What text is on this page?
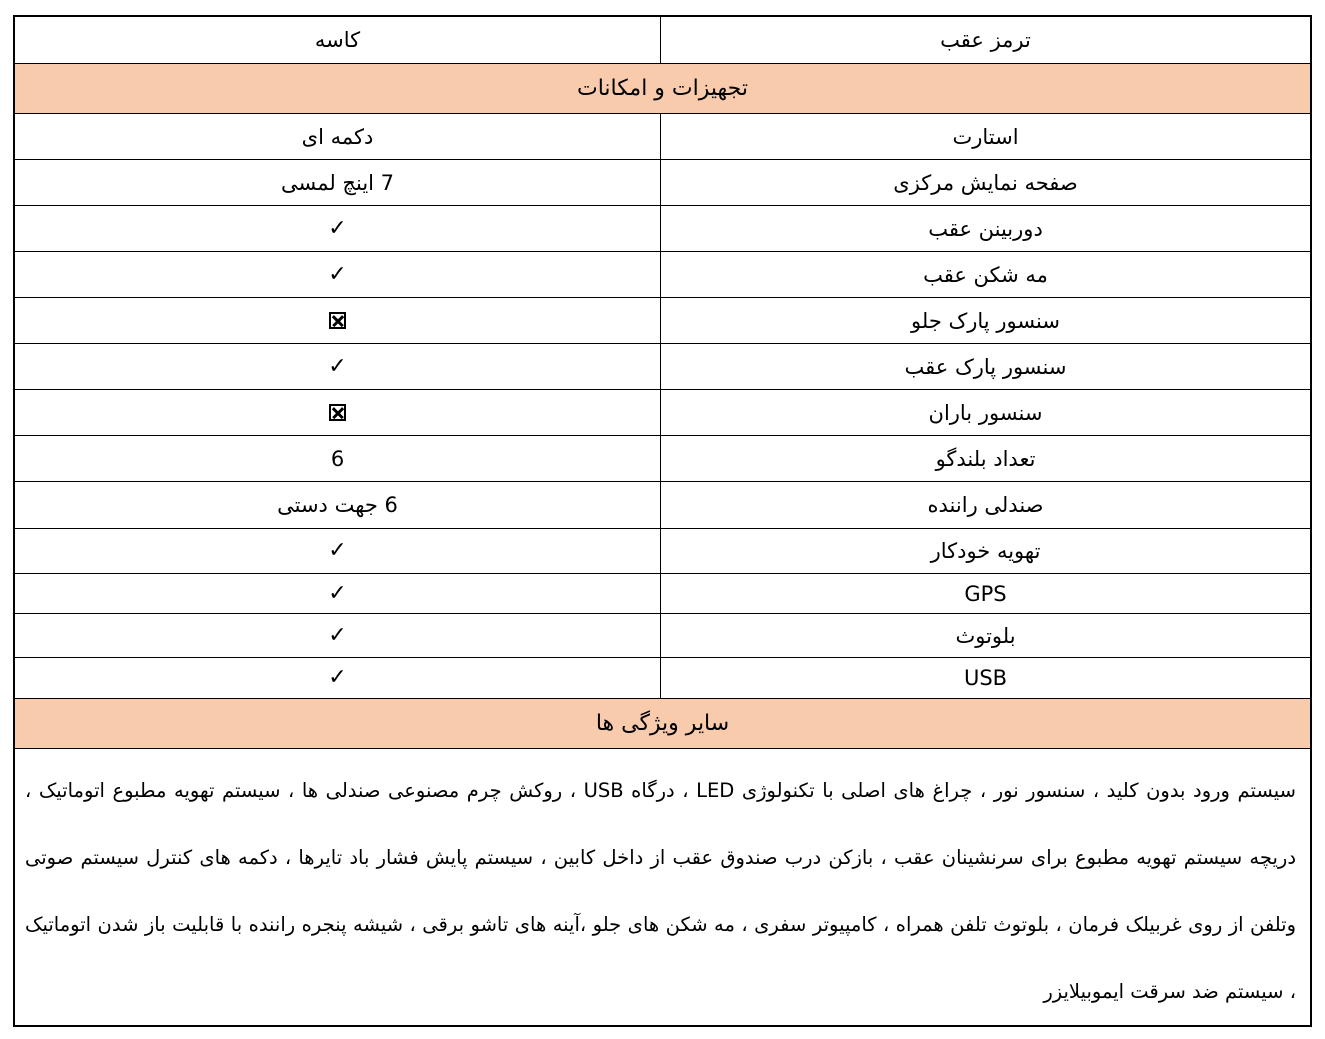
ترمز عقب
کاسه
تجهیزات و امکانات
استارت
دکمه ای
صفحه نمایش مرکزی
7 اینچ لمسی
دوربینن عقب
✓
مه شکن عقب
✓
سنسور پارک جلو
سنسور پارک عقب
✓
سنسور باران
تعداد بلندگو
6
صندلی راننده
6 جهت دستی
تهویه خودکار
✓
GPS
✓
بلوتوث
✓
USB
✓
سایر ویژگی ها
سیستم ورود بدون کلید ، سنسور نور ، چراغ های اصلی با تکنولوژی LED ، درگاه USB ، روکش چرم مصنوعی صندلی ها ، سیستم تهویه مطبوع اتوماتیک ، دریچه سیستم تهویه مطبوع برای سرنشینان عقب ، بازکن درب صندوق عقب از داخل کابین ، سیستم پایش فشار باد تایرها ، دکمه های کنترل سیستم صوتی وتلفن از روی غربیلک فرمان ، بلوتوث تلفن همراه ، کامپیوتر سفری ، مه شکن های جلو ،آینه های تاشو برقی ، شیشه پنجره راننده با قابلیت باز شدن اتوماتیک ، سیستم ضد سرقت ایموبیلایزر
